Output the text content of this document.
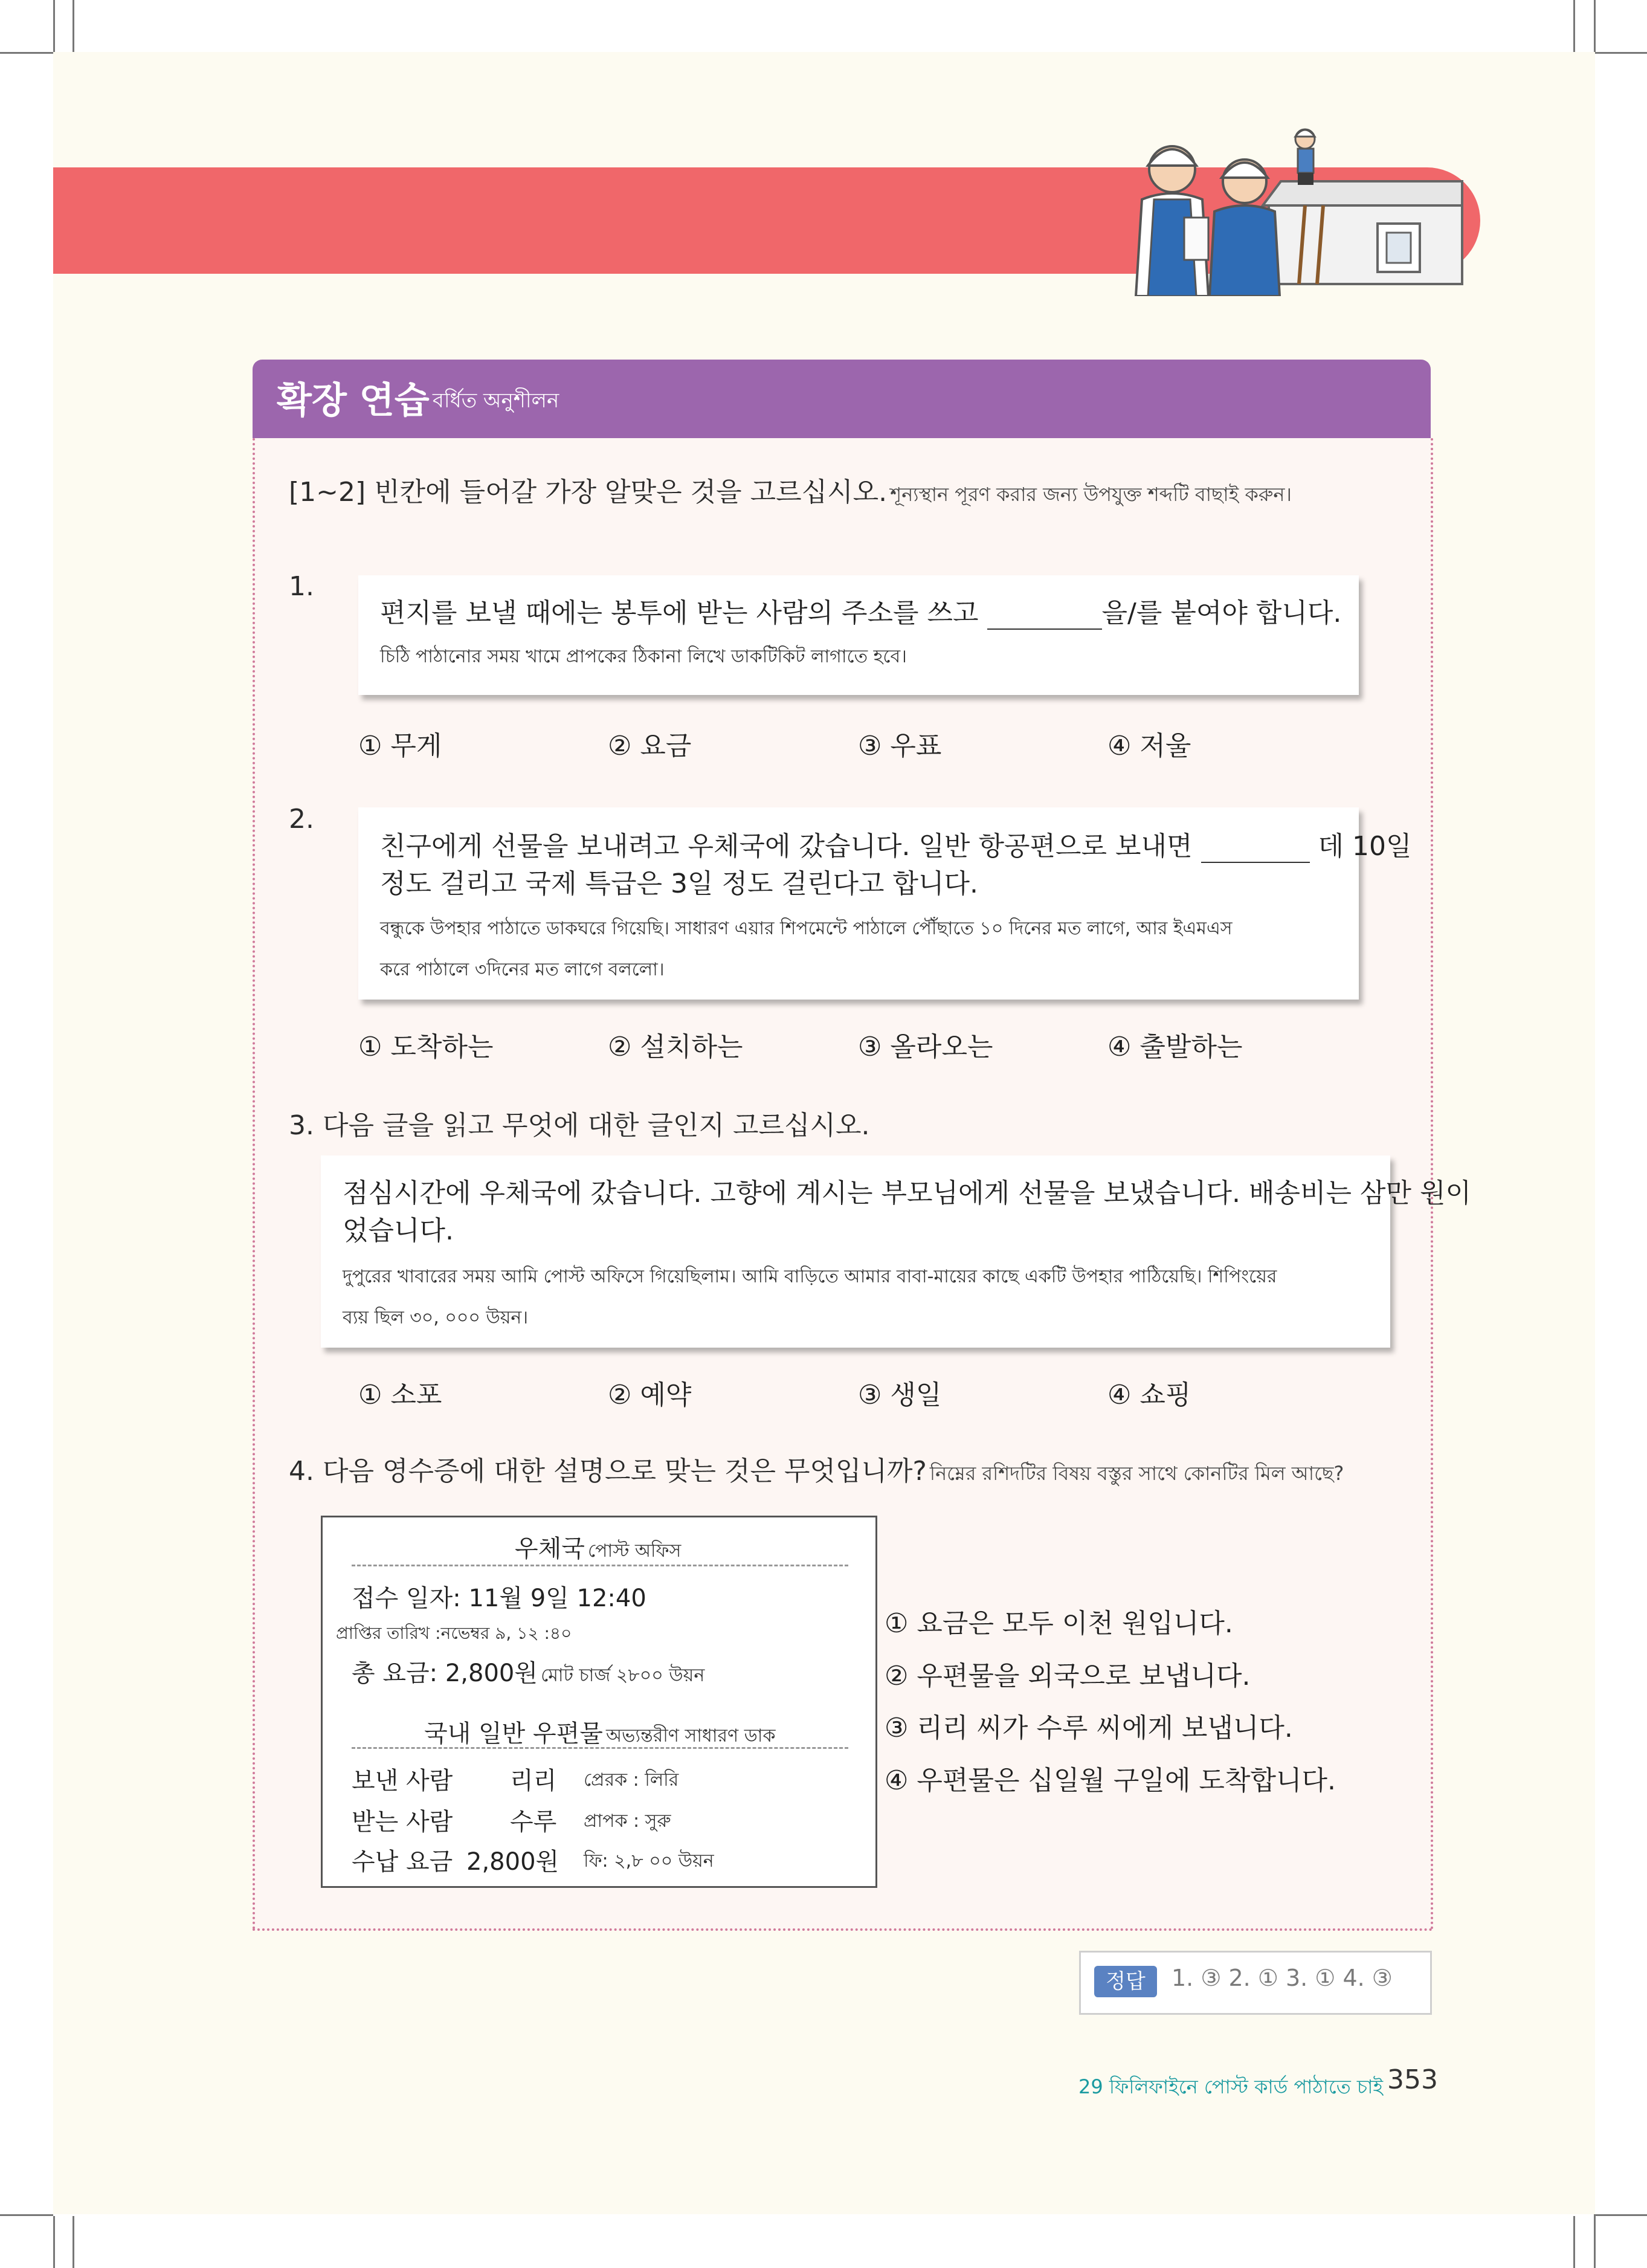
확장 연습 বর্ধিত অনুশীলন
[1~2] 빈칸에 들어갈 가장 알맞은 것을 고르십시오. শূন্যস্থান পূরণ করার জন্য উপযুক্ত শব্দটি বাছাই করুন।
1.
편지를 보낼 때에는 봉투에 받는 사람의 주소를 쓰고	을/를 붙여야 합니다.
চিঠি পাঠানোর সময় খামে প্রাপকের ঠিকানা লিখে ডাকটিকিট লাগাতে হবে।
① 무게	② 요금	③ 우표	④ 저울
2.
친구에게 선물을 보내려고 우체국에 갔습니다. 일반 항공편으로 보내면	데 10일
정도 걸리고 국제 특급은 3일 정도 걸린다고 합니다.
বন্ধুকে উপহার পাঠাতে ডাকঘরে গিয়েছি। সাধারণ এয়ার শিপমেন্টে পাঠালে পৌঁছাতে ১০ দিনের মত লাগে, আর ইএমএস
করে পাঠালে ৩দিনের মত লাগে বললো।
① 도착하는	② 설치하는	③ 올라오는	④ 출발하는
3. 다음 글을 읽고 무엇에 대한 글인지 고르십시오.
점심시간에 우체국에 갔습니다. 고향에 계시는 부모님에게 선물을 보냈습니다. 배송비는 삼만 원이
었습니다.
দুপুরের খাবারের সময় আমি পোস্ট অফিসে গিয়েছিলাম। আমি বাড়িতে আমার বাবা-মায়ের কাছে একটি উপহার পাঠিয়েছি। শিপিংয়ের
ব্যয় ছিল ৩০, ০০০ উয়ন।
① 소포	② 예약	③ 생일	④ 쇼핑
4. 다음 영수증에 대한 설명으로 맞는 것은 무엇입니까? নিম্নের রশিদটির বিষয় বস্তুর সাথে কোনটির মিল আছে?
우체국 পোস্ট অফিস
접수 일자: 11월 9일 12:40
প্রাপ্তির তারিখ :নভেম্বর ৯, ১২ :৪০
총 요금: 2,800원 মোট চার্জ ২৮০০ উয়ন
국내 일반 우편물 অভ্যন্তরীণ সাধারণ ডাক
보낸 사람 리리 প্রেরক : লিরি
받는 사람 수루 প্রাপক : সুরু
수납 요금 2,800원 ফি: ২,৮ ০০ উয়ন
① 요금은 모두 이천 원입니다.
② 우편물을 외국으로 보냅니다.
③ 리리 씨가 수루 씨에게 보냅니다.
④ 우편물은 십일월 구일에 도착합니다.
정답	1. ③ 2. ① 3. ① 4. ③
29 ফিলিফাইনে পোস্ট কার্ড পাঠাতে চাই 353
